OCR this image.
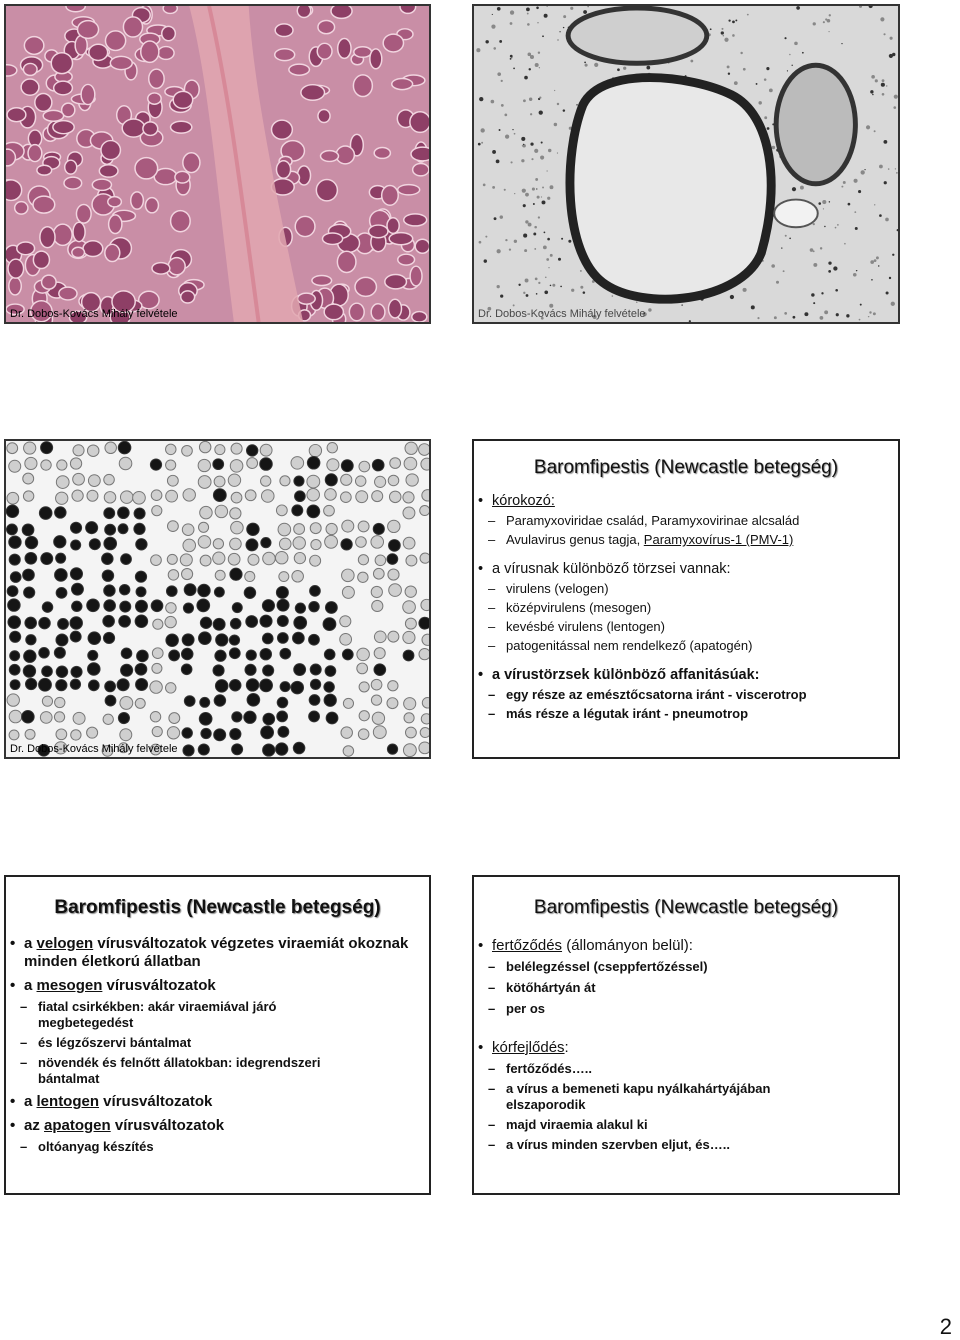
Dr. Dobos-Kovács Mihály felvétele	Dr. Dobos-Kovács Mihály felvétele
Dr. Dobos-Kovács Mihály felvétele
Baromfipestis (Newcastle betegség)
• kórokozó:
– Paramyxoviridae család, Paramyxovirinae alcsalád
– Avulavirus genus tagja, Paramyxovírus-1 (PMV-1)
• a vírusnak különböző törzsei vannak:
– virulens (velogen)
– középvirulens (mesogen)
– kevésbé virulens (lentogen)
– patogenitással nem rendelkező (apatogén)
• a vírustörzsek különböző affanitásúak:
– egy része az emésztőcsatorna iránt - viscerotrop
– más része a légutak iránt - pneumotrop
Baromfipestis (Newcastle betegség)
• a velogen vírusváltozatok végzetes viraemiát okoznak minden életkorú állatban
• a mesogen vírusváltozatok
– fiatal csirkékben: akár viraemiával járó megbetegedést
– és légzőszervi bántalmat
– növendék és felnőtt állatokban: idegrendszeri bántalmat
• a lentogen vírusváltozatok
• az apatogen vírusváltozatok
– oltóanyag készítés
Baromfipestis (Newcastle betegség)
• fertőződés (állományon belül):
– belélegzéssel (cseppfertőzéssel)
– kötőhártyán át
– per os
• kórfejlődés:
– fertőződés…..
– a vírus a bemeneti kapu nyálkahártyájában elszaporodik
– majd viraemia alakul ki
– a vírus minden szervben eljut, és…..
2
